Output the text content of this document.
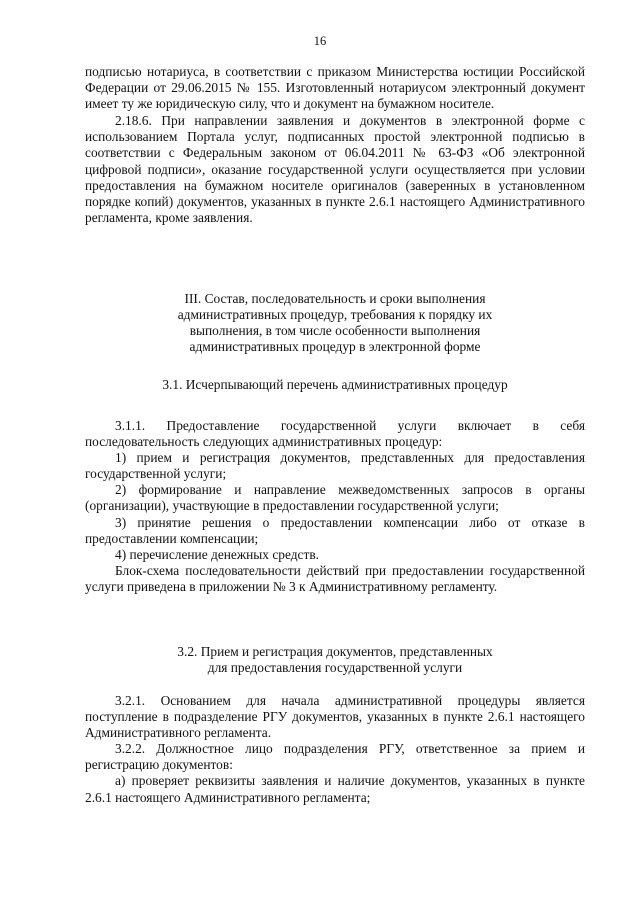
16

подписью нотариуса, в соответствии с приказом Министерства юстиции Российской Федерации от 29.06.2015 № 155. Изготовленный нотариусом электронный документ имеет ту же юридическую силу, что и документ на бумажном носителе.

2.18.6. При направлении заявления и документов в электронной форме с использованием Портала услуг, подписанных простой электронной подписью в соответствии с Федеральным законом от 06.04.2011 № 63-ФЗ «Об электронной цифровой подписи», оказание государственной услуги осуществляется при условии предоставления на бумажном носителе оригиналов (заверенных в установленном порядке копий) документов, указанных в пункте 2.6.1 настоящего Административного регламента, кроме заявления.

III. Состав, последовательность и сроки выполнения
административных процедур, требования к порядку их
выполнения, в том числе особенности выполнения
административных процедур в электронной форме
3.1. Исчерпывающий перечень административных процедур

3.1.1. Предоставление государственной услуги включает в себя последовательность следующих административных процедур:

1) прием и регистрация документов, представленных для предоставления государственной услуги;

2) формирование и направление межведомственных запросов в органы (организации), участвующие в предоставлении государственной услуги;

3) принятие решения о предоставлении компенсации либо от отказе в предоставлении компенсации;

4) перечисление денежных средств.

Блок-схема последовательности действий при предоставлении государственной услуги приведена в приложении № 3 к Административному регламенту.

3.2. Прием и регистрация документов, представленных
для предоставления государственной услуги

3.2.1. Основанием для начала административной процедуры является поступление в подразделение РГУ документов, указанных в пункте 2.6.1 настоящего Административного регламента.

3.2.2. Должностное лицо подразделения РГУ, ответственное за прием и регистрацию документов:

а) проверяет реквизиты заявления и наличие документов, указанных в пункте 2.6.1 настоящего Административного регламента;
